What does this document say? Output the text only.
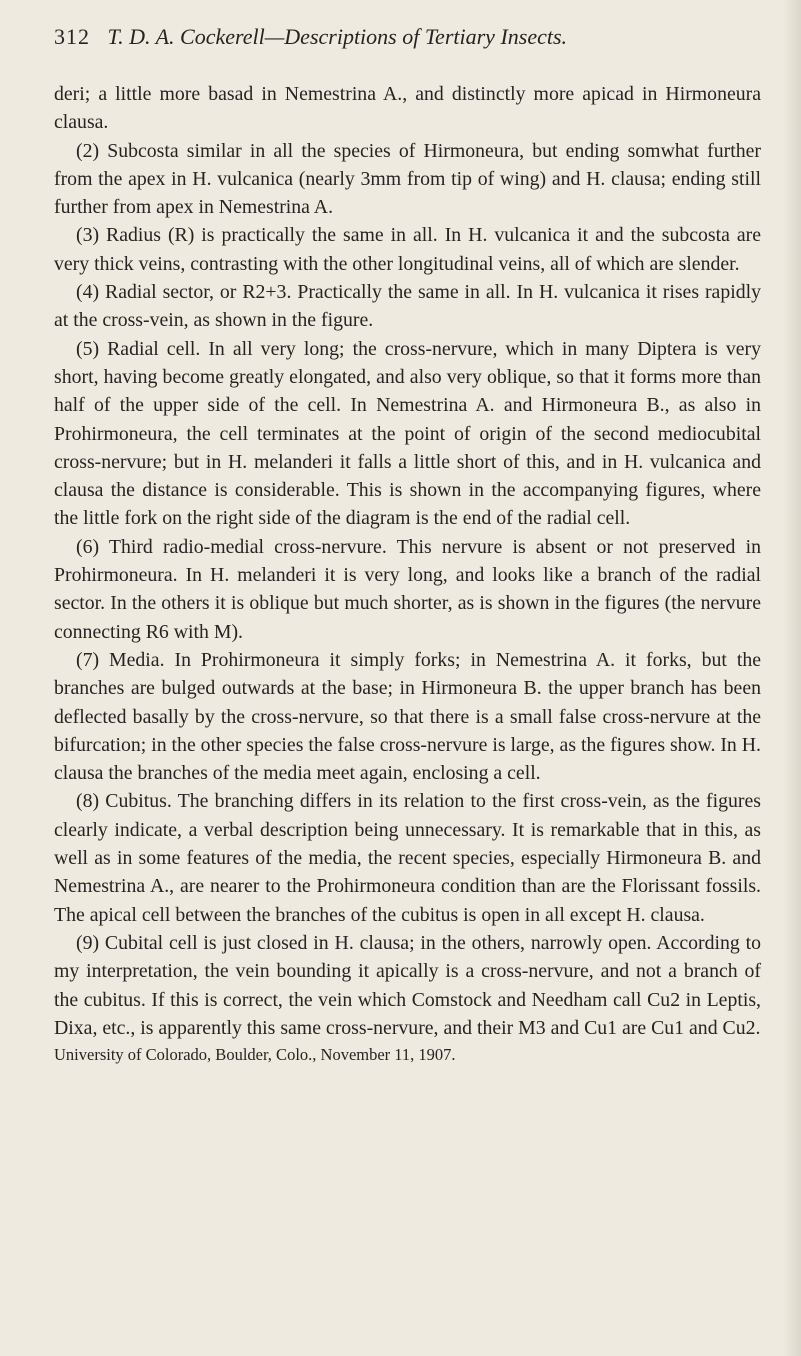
312 T. D. A. Cockerell—Descriptions of Tertiary Insects.

deri; a little more basad in Nemestrina A., and distinctly more apicad in Hirmoneura clausa.

(2) Subcosta similar in all the species of Hirmoneura, but ending somwhat further from the apex in H. vulcanica (nearly 3mm from tip of wing) and H. clausa; ending still further from apex in Nemestrina A.

(3) Radius (R) is practically the same in all. In H. vulcanica it and the subcosta are very thick veins, contrasting with the other longitudinal veins, all of which are slender.

(4) Radial sector, or R2+3. Practically the same in all. In H. vulcanica it rises rapidly at the cross-vein, as shown in the figure.

(5) Radial cell. In all very long; the cross-nervure, which in many Diptera is very short, having become greatly elongated, and also very oblique, so that it forms more than half of the upper side of the cell. In Nemestrina A. and Hirmoneura B., as also in Prohirmoneura, the cell terminates at the point of origin of the second mediocubital cross-nervure; but in H. melanderi it falls a little short of this, and in H. vulcanica and clausa the distance is considerable. This is shown in the accompanying figures, where the little fork on the right side of the diagram is the end of the radial cell.

(6) Third radio-medial cross-nervure. This nervure is absent or not preserved in Prohirmoneura. In H. melanderi it is very long, and looks like a branch of the radial sector. In the others it is oblique but much shorter, as is shown in the figures (the nervure connecting R6 with M).

(7) Media. In Prohirmoneura it simply forks; in Nemestrina A. it forks, but the branches are bulged outwards at the base; in Hirmoneura B. the upper branch has been deflected basally by the cross-nervure, so that there is a small false cross-nervure at the bifurcation; in the other species the false cross-nervure is large, as the figures show. In H. clausa the branches of the media meet again, enclosing a cell.

(8) Cubitus. The branching differs in its relation to the first cross-vein, as the figures clearly indicate, a verbal description being unnecessary. It is remarkable that in this, as well as in some features of the media, the recent species, especially Hirmoneura B. and Nemestrina A., are nearer to the Prohirmoneura condition than are the Florissant fossils. The apical cell between the branches of the cubitus is open in all except H. clausa.

(9) Cubital cell is just closed in H. clausa; in the others, narrowly open. According to my interpretation, the vein bounding it apically is a cross-nervure, and not a branch of the cubitus. If this is correct, the vein which Comstock and Needham call Cu2 in Leptis, Dixa, etc., is apparently this same cross-nervure, and their M3 and Cu1 are Cu1 and Cu2.

University of Colorado, Boulder, Colo., November 11, 1907.
